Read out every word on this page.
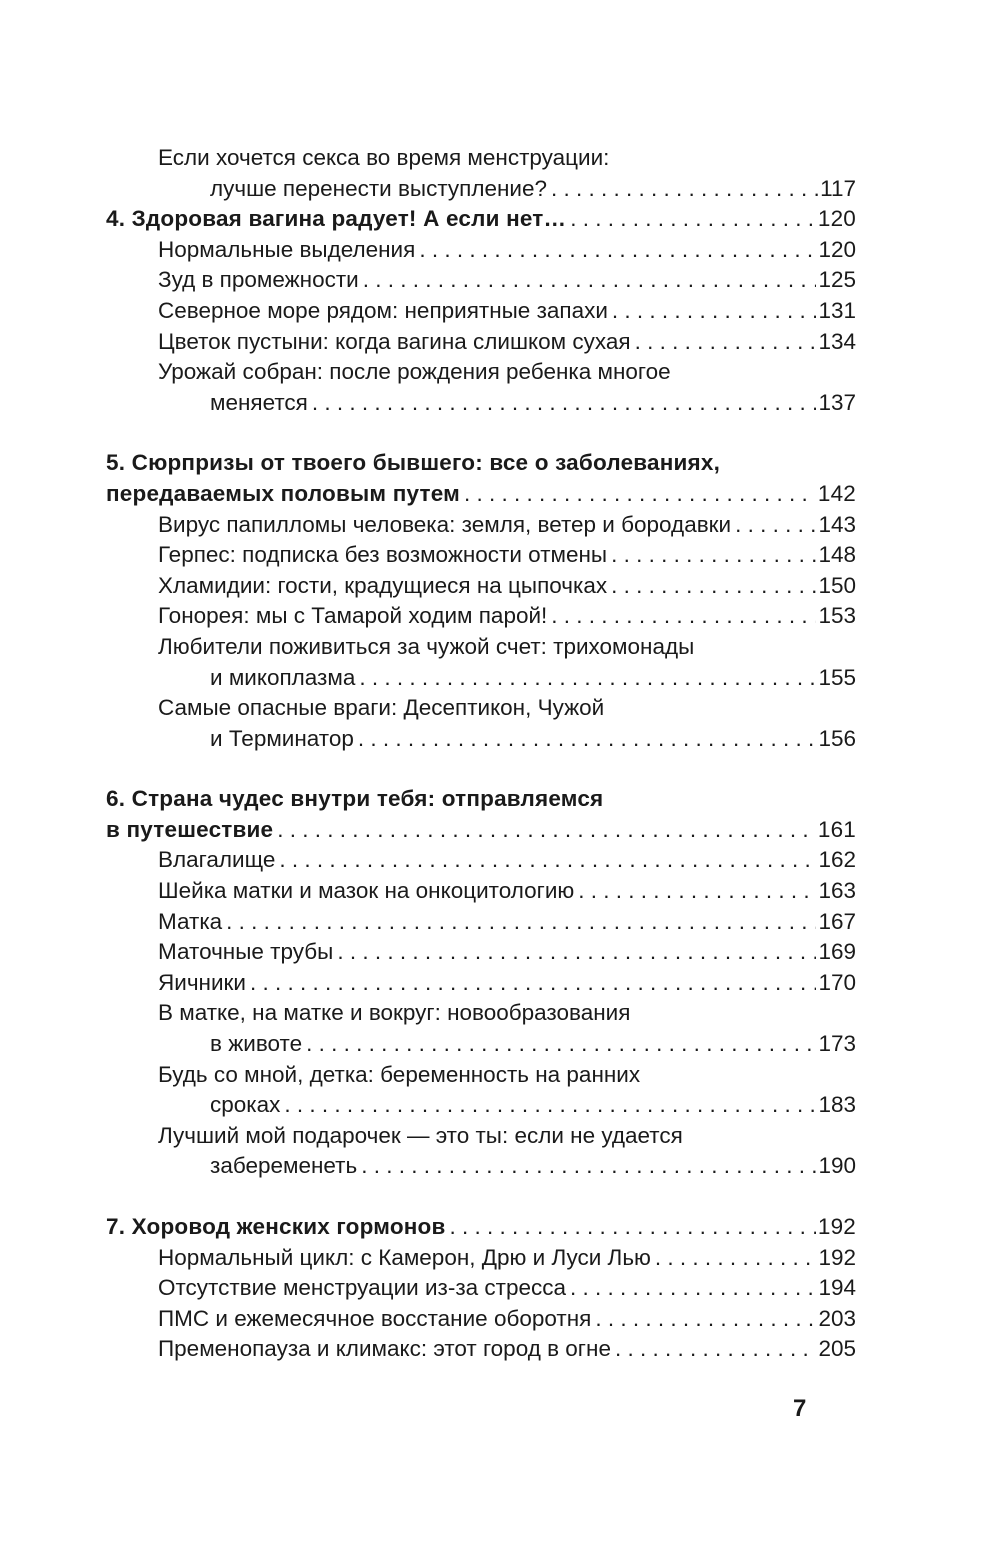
Если хочется секса во время менструации:
лучше перенести выступление? . . .	117
4. Здоровая вагина радует! А если нет… . . .	120
Нормальные выделения . . .	120
Зуд в промежности . . .	125
Северное море рядом: неприятные запахи . . .	131
Цветок пустыни: когда вагина слишком сухая . . .	134
Урожай собран: после рождения ребенка многое
меняется . . .	137
5. Сюрпризы от твоего бывшего: все о заболеваниях,
передаваемых половым путем . . .	142
Вирус папилломы человека: земля, ветер и бородавки . . .	143
Герпес: подписка без возможности отмены . . .	148
Хламидии: гости, крадущиеся на цыпочках . . .	150
Гонорея: мы с Тамарой ходим парой! . . .	153
Любители поживиться за чужой счет: трихомонады
и микоплазма . . .	155
Самые опасные враги: Десептикон, Чужой
и Терминатор . . .	156
6. Страна чудес внутри тебя: отправляемся
в путешествие . . .	161
Влагалище . . .	162
Шейка матки и мазок на онкоцитологию . . .	163
Матка . . .	167
Маточные трубы . . .	169
Яичники . . .	170
В матке, на матке и вокруг: новообразования
в животе . . .	173
Будь со мной, детка: беременность на ранних
сроках . . .	183
Лучший мой подарочек — это ты: если не удается
забеременеть . . .	190
7. Хоровод женских гормонов . . .	192
Нормальный цикл: с Камерон, Дрю и Луси Лью . . .	192
Отсутствие менструации из-за стресса . . .	194
ПМС и ежемесячное восстание оборотня . . .	203
Пременопауза и климакс: этот город в огне . . .	205
7
